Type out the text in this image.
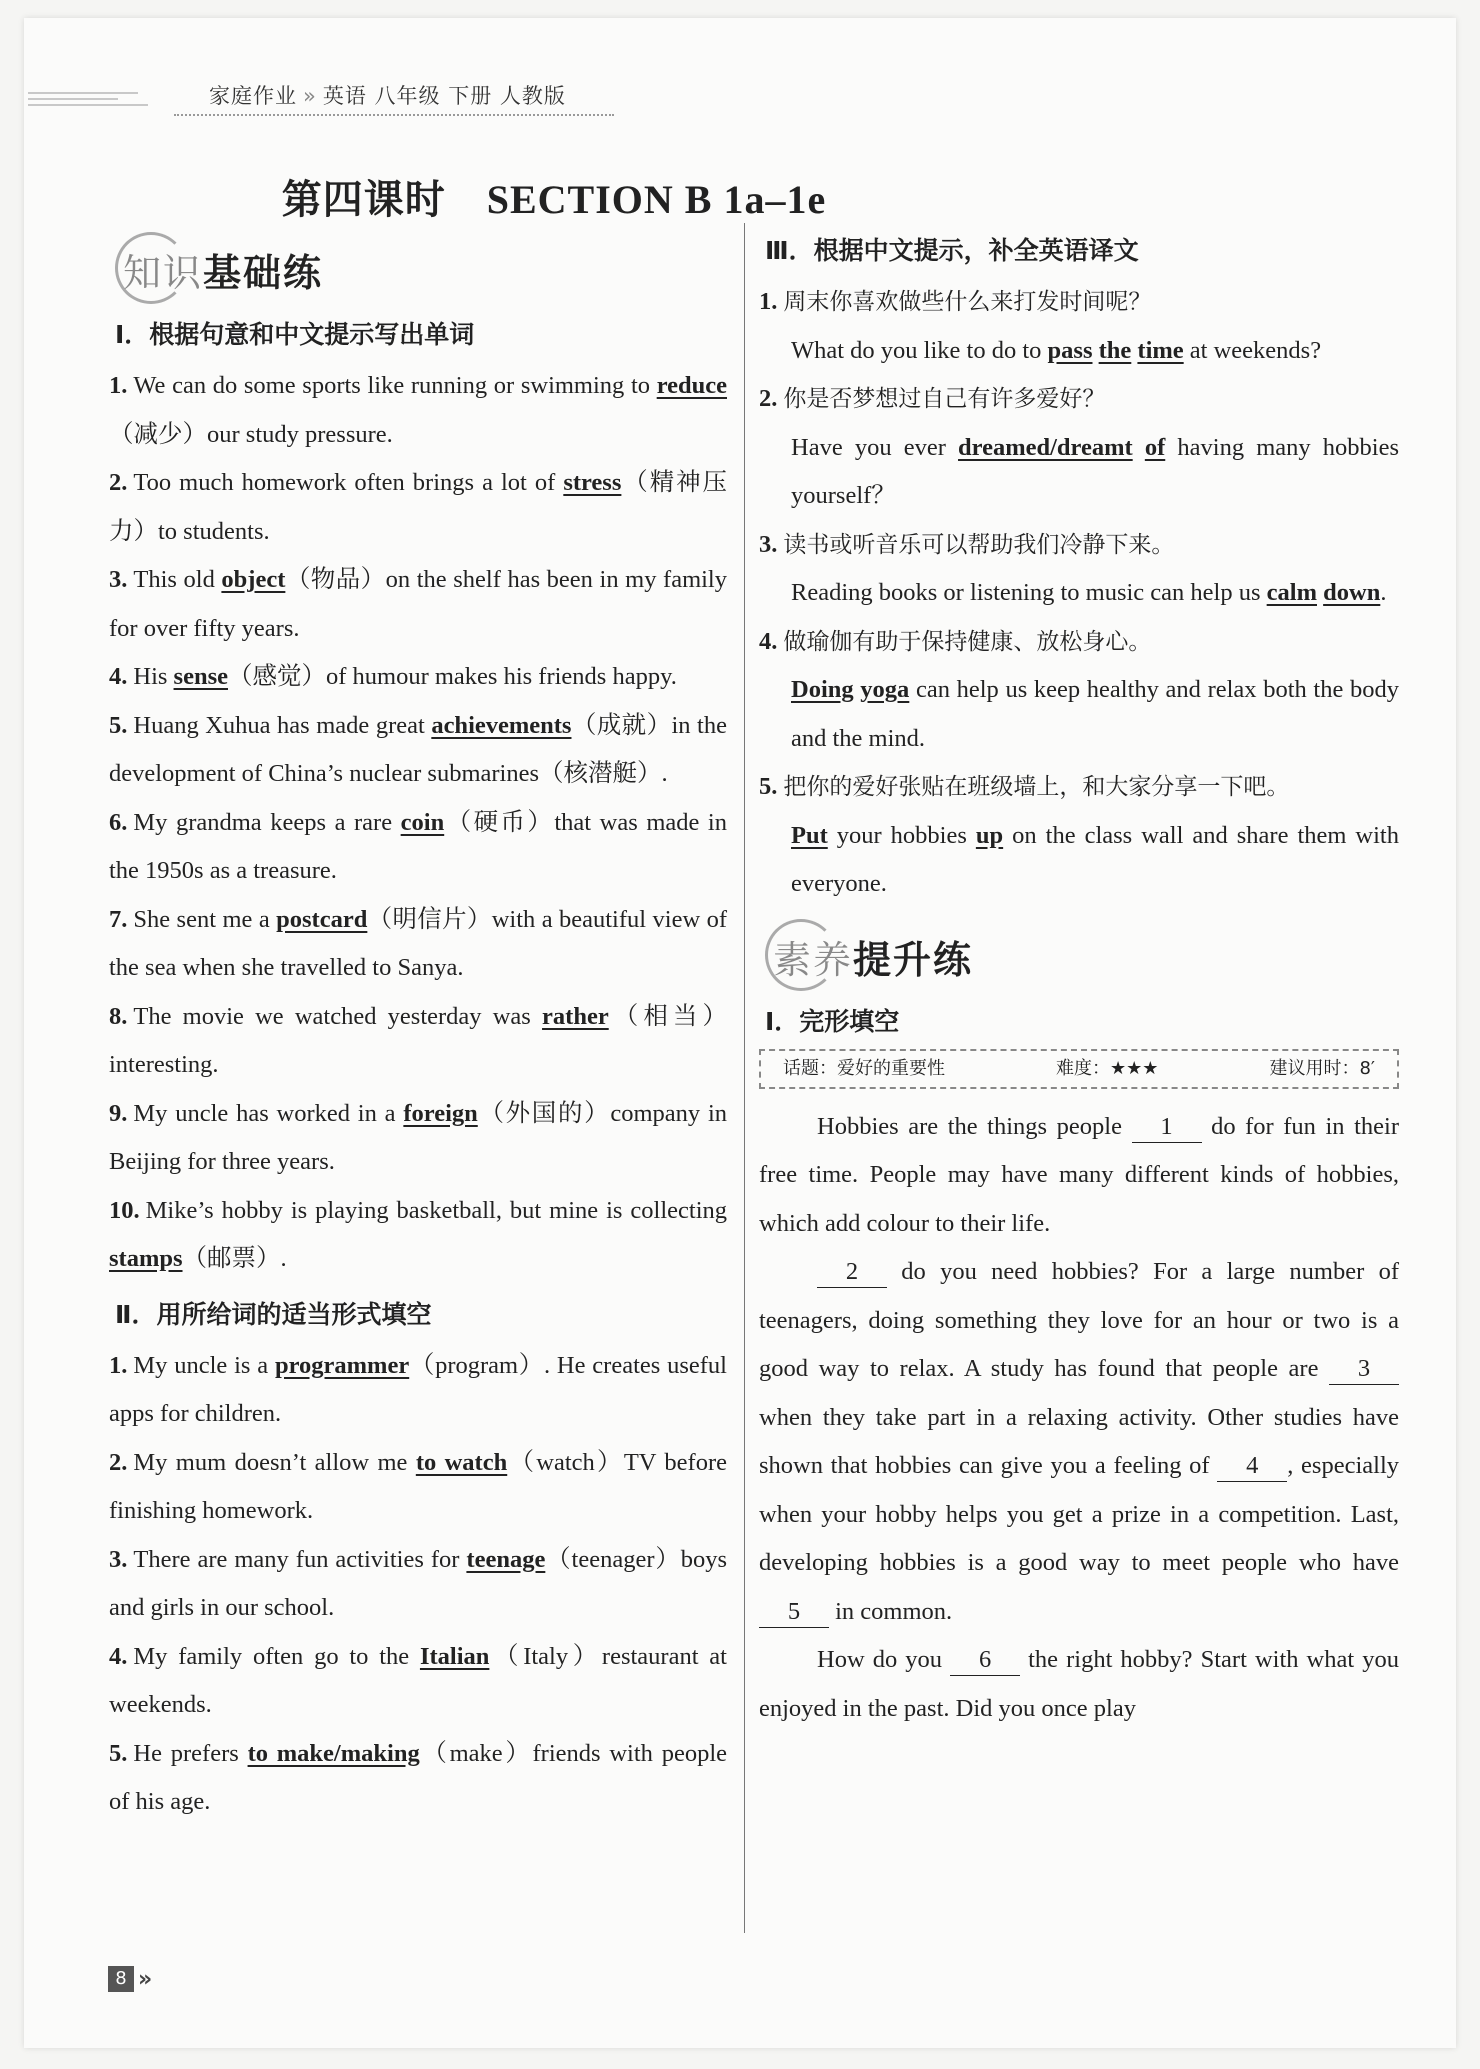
家庭作业 » 英语 八年级 下册 人教版
第四课时　SECTION B 1a–1e
知识基础练
Ⅰ．根据句意和中文提示写出单词
1. We can do some sports like running or swimming to reduce（减少）our study pressure.
2. Too much homework often brings a lot of stress（精神压力）to students.
3. This old object（物品）on the shelf has been in my family for over fifty years.
4. His sense（感觉）of humour makes his friends happy.
5. Huang Xuhua has made great achievements（成就）in the development of China’s nuclear submarines（核潜艇）.
6. My grandma keeps a rare coin（硬币）that was made in the 1950s as a treasure.
7. She sent me a postcard（明信片）with a beautiful view of the sea when she travelled to Sanya.
8. The movie we watched yesterday was rather（相当）interesting.
9. My uncle has worked in a foreign（外国的）company in Beijing for three years.
10. Mike’s hobby is playing basketball, but mine is collecting stamps（邮票）.
Ⅱ．用所给词的适当形式填空
1. My uncle is a programmer（program）. He creates useful apps for children.
2. My mum doesn’t allow me to watch（watch）TV before finishing homework.
3. There are many fun activities for teenage（teenager）boys and girls in our school.
4. My family often go to the Italian（Italy）restaurant at weekends.
5. He prefers to make/making（make）friends with people of his age.
Ⅲ．根据中文提示，补全英语译文
1. 周末你喜欢做些什么来打发时间呢？
What do you like to do to pass the time at weekends?
2. 你是否梦想过自己有许多爱好？
Have you ever dreamed/dreamt of having many hobbies yourself？
3. 读书或听音乐可以帮助我们冷静下来。
Reading books or listening to music can help us calm down.
4. 做瑜伽有助于保持健康、放松身心。
Doing yoga can help us keep healthy and relax both the body and the mind.
5. 把你的爱好张贴在班级墙上，和大家分享一下吧。
Put your hobbies up on the class wall and share them with everyone.
素养提升练
Ⅰ．完形填空
话题：爱好的重要性	难度：★★★	建议用时：8′

Hobbies are the things people 1 do for fun in their free time. People may have many different kinds of hobbies, which add colour to their life.

2 do you need hobbies? For a large number of teenagers, doing something they love for an hour or two is a good way to relax. A study has found that people are 3 when they take part in a relaxing activity. Other studies have shown that hobbies can give you a feeling of 4 , especially when your hobby helps you get a prize in a competition. Last, developing hobbies is a good way to meet people who have 5 in common.

How do you 6 the right hobby? Start with what you enjoyed in the past. Did you once play

8 »
